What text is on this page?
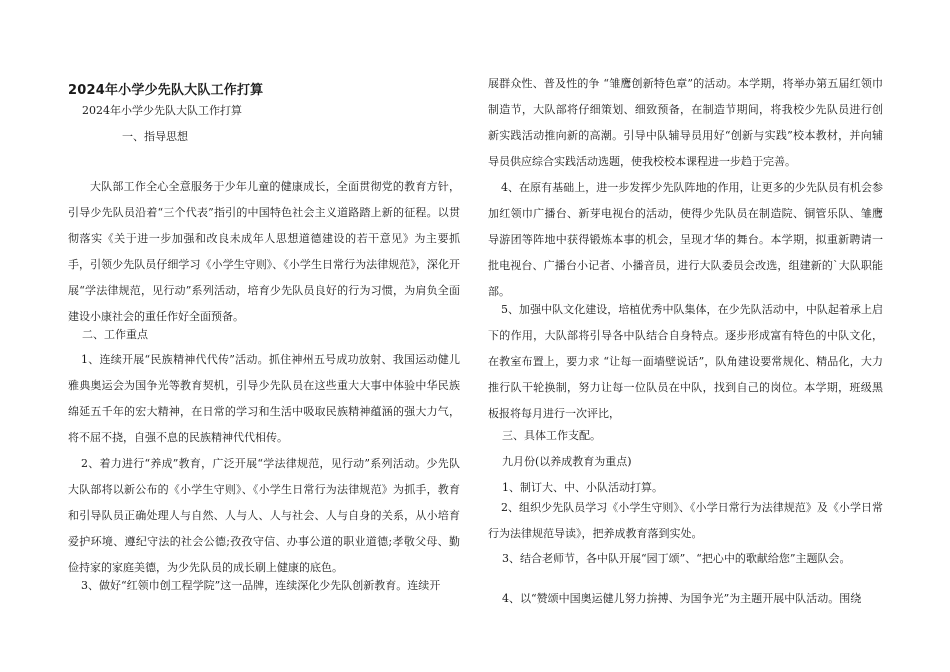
2024年小学少先队大队工作打算
2024年小学少先队大队工作打算
一、指导思想
大队部工作全心全意服务于少年儿童的健康成长，全面贯彻党的教育方针，引导少先队员沿着“三个代表”指引的中国特色社会主义道路踏上新的征程。以贯彻落实《关于进一步加强和改良未成年人思想道德建设的若干意见》为主要抓手，引领少先队员仔细学习《小学生守则》、《小学生日常行为法律规范》，深化开展“学法律规范，见行动”系列活动，培育少先队员良好的行为习惯，为肩负全面建设小康社会的重任作好全面预备。
二、工作重点
1、连续开展“民族精神代代传”活动。抓住神州五号成功放射、我国运动健儿雅典奥运会为国争光等教育契机，引导少先队员在这些重大大事中体验中华民族绵延五千年的宏大精神，在日常的学习和生活中吸取民族精神蕴涵的强大力气，将不屈不挠，自强不息的民族精神代代相传。
2、着力进行“养成”教育，广泛开展“学法律规范，见行动”系列活动。少先队大队部将以新公布的《小学生守则》、《小学生日常行为法律规范》为抓手，教育和引导队员正确处理人与自然、人与人、人与社会、人与自身的关系，从小培育爱护环境、遵纪守法的社会公德;孜孜守信、办事公道的职业道德;孝敬父母、勤俭持家的家庭美德，为少先队员的成长刷上健康的底色。
3、做好“红领巾创工程学院”这一品牌，连续深化少先队创新教育。连续开
展群众性、普及性的争 “雏鹰创新特色章”的活动。本学期，将举办第五届红领巾制造节，大队部将仔细策划、细致预备，在制造节期间，将我校少先队员进行创新实践活动推向新的高潮。引导中队辅导员用好“创新与实践”校本教材，并向辅导员供应综合实践活动选题，使我校校本课程进一步趋于完善。
4、在原有基础上，进一步发挥少先队阵地的作用，让更多的少先队员有机会参加红领巾广播台、新芽电视台的活动，使得少先队员在制造院、铜管乐队、雏鹰导游团等阵地中获得锻炼本事的机会，呈现才华的舞台。本学期，拟重新聘请一批电视台、广播台小记者、小播音员，进行大队委员会改选，组建新的`大队职能部。
5、加强中队文化建设，培植优秀中队集体，在少先队活动中，中队起着承上启下的作用，大队部将引导各中队结合自身特点。逐步形成富有特色的中队文化，在教室布置上，要力求 “让每一面墙壁说话”，队角建设要常规化、精品化，大力推行队干轮换制，努力让每一位队员在中队，找到自己的岗位。本学期，班级黑板报将每月进行一次评比，
三、具体工作支配。
九月份(以养成教育为重点)
1、制订大、中、小队活动打算。
2、组织少先队员学习《小学生守则》、《小学日常行为法律规范》及《小学日常行为法律规范导读》，把养成教育落到实处。
3、结合老师节，各中队开展“园丁颂”、“把心中的歌献给您”主题队会。
4、以“赞颂中国奥运健儿努力拚搏、为国争光”为主题开展中队活动。围绕
